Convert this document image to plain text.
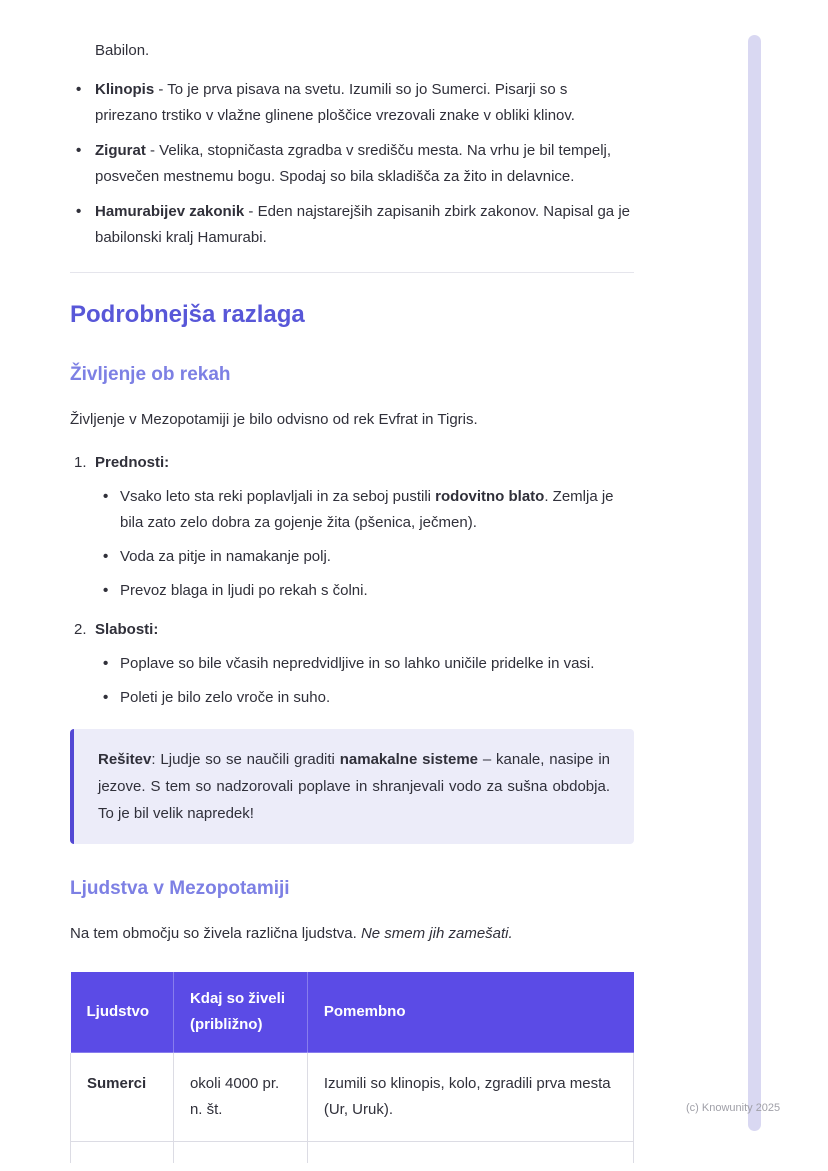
Babilon.

• Klinopis - To je prva pisava na svetu. Izumili so jo Sumerci. Pisarji so s prirezano trstiko v vlažne glinene ploščice vrezovali znake v obliki klinov.
• Zigurat - Velika, stopničasta zgradba v središču mesta. Na vrhu je bil tempelj, posvečen mestnemu bogu. Spodaj so bila skladišča za žito in delavnice.
• Hamurabijev zakonik - Eden najstarejših zapisanih zbirk zakonov. Napisal ga je babilonski kralj Hamurabi.
Podrobnejša razlaga
Življenje ob rekah

Življenje v Mezopotamiji je bilo odvisno od rek Evfrat in Tigris.

1. Prednosti:
• Vsako leto sta reki poplavljali in za seboj pustili rodovitno blato. Zemlja je bila zato zelo dobra za gojenje žita (pšenica, ječmen).
• Voda za pitje in namakanje polj.
• Prevoz blaga in ljudi po rekah s čolni.
2. Slabosti:
• Poplave so bile včasih nepredvidljive in so lahko uničile pridelke in vasi.
• Poleti je bilo zelo vroče in suho.

Rešitev: Ljudje so se naučili graditi namakalne sisteme – kanale, nasipe in jezove. S tem so nadzorovali poplave in shranjevali vodo za sušna obdobja. To je bil velik napredek!

Ljudstva v Mezopotamiji

Na tem območju so živela različna ljudstva. Ne smem jih zamešati.

Ljudstvo	Kdaj so živeli (približno)	Pomembno
Sumerci	okoli 4000 pr. n. št.	Izumili so klinopis, kolo, zgradili prva mesta (Ur, Uruk).
			(c) Knowunity 2025
